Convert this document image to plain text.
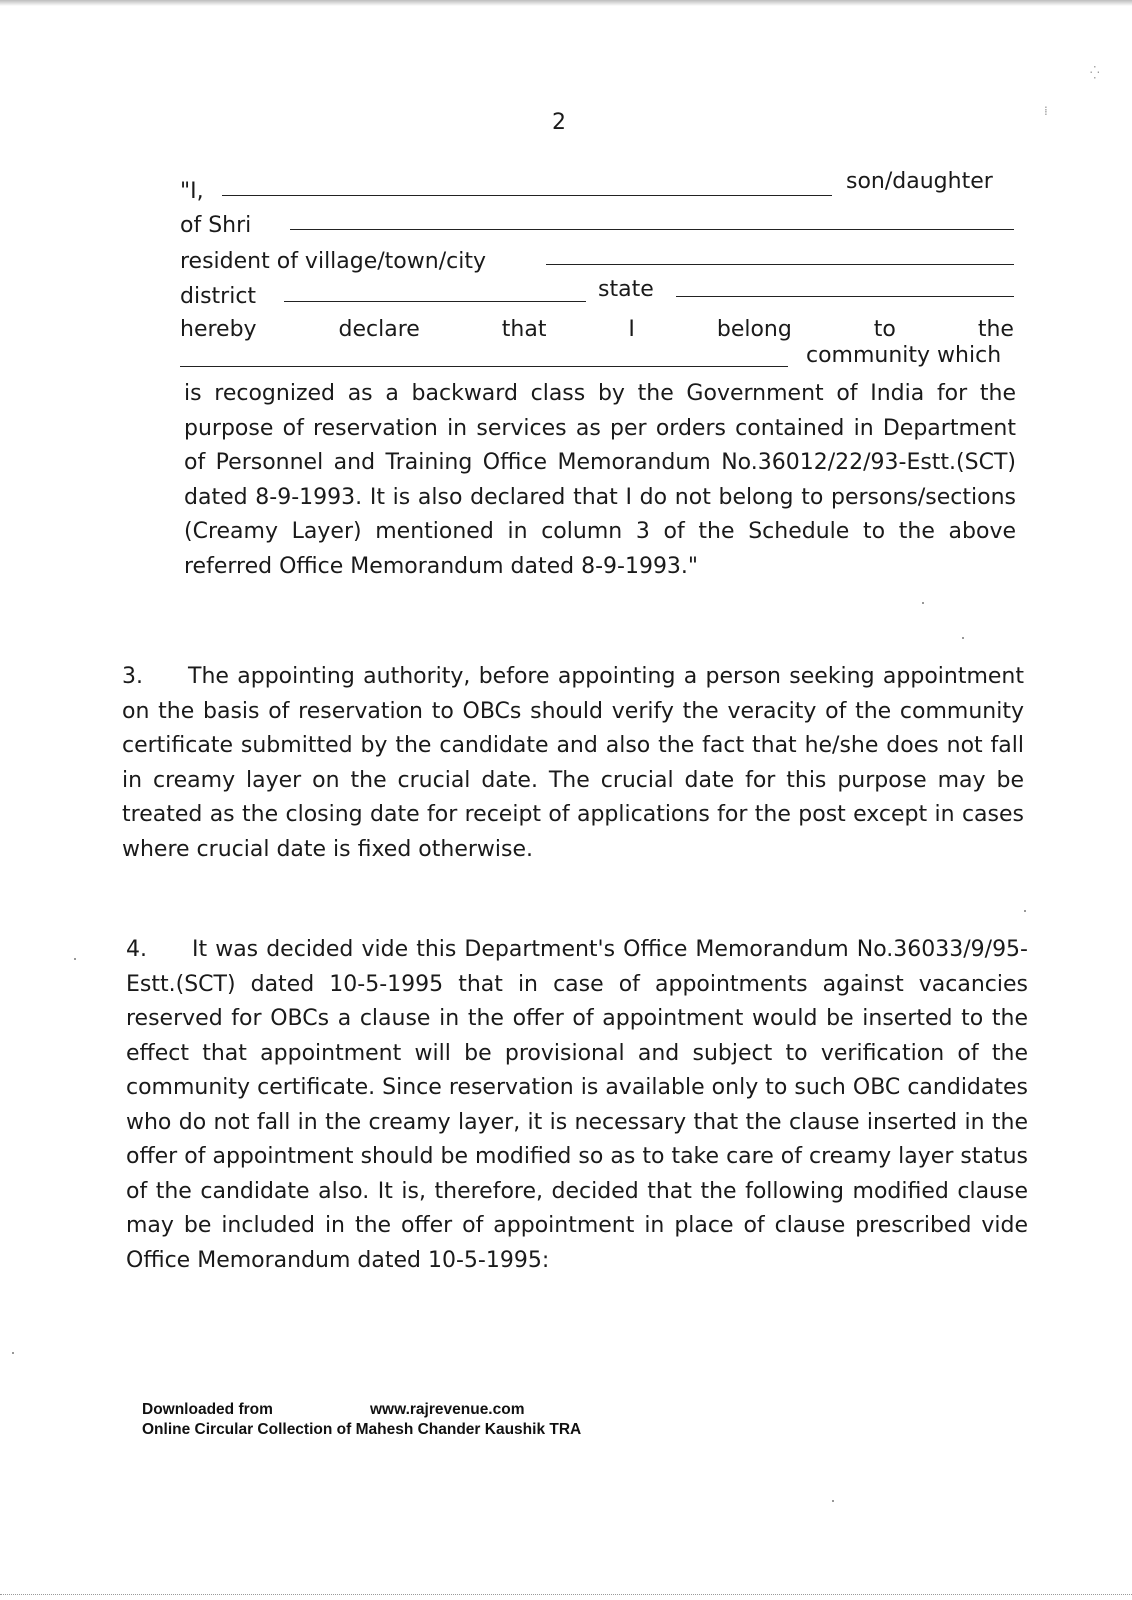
2
"I,	son/daughter
of Shri
resident of village/town/city
district	state
hereby	declare	that	I	belong	to	the
community which

is recognized as a backward class by the Government of India for the purpose of reservation in services as per orders contained in Department of Personnel and Training Office Memorandum No.36012/22/93-Estt.(SCT) dated 8-9-1993. It is also declared that I do not belong to persons/sections (Creamy Layer) mentioned in column 3 of the Schedule to the above referred Office Memorandum dated 8-9-1993."

3. The appointing authority, before appointing a person seeking appointment on the basis of reservation to OBCs should verify the veracity of the community certificate submitted by the candidate and also the fact that he/she does not fall in creamy layer on the crucial date. The crucial date for this purpose may be treated as the closing date for receipt of applications for the post except in cases where crucial date is fixed otherwise.

4. It was decided vide this Department's Office Memorandum No.36033/9/95-Estt.(SCT) dated 10-5-1995 that in case of appointments against vacancies reserved for OBCs a clause in the offer of appointment would be inserted to the effect that appointment will be provisional and subject to verification of the community certificate. Since reservation is available only to such OBC candidates who do not fall in the creamy layer, it is necessary that the clause inserted in the offer of appointment should be modified so as to take care of creamy layer status of the candidate also. It is, therefore, decided that the following modified clause may be included in the offer of appointment in place of clause prescribed vide Office Memorandum dated 10-5-1995:

Downloaded from	www.rajrevenue.com
Online Circular Collection of Mahesh Chander Kaushik TRA
⁛
⁞
